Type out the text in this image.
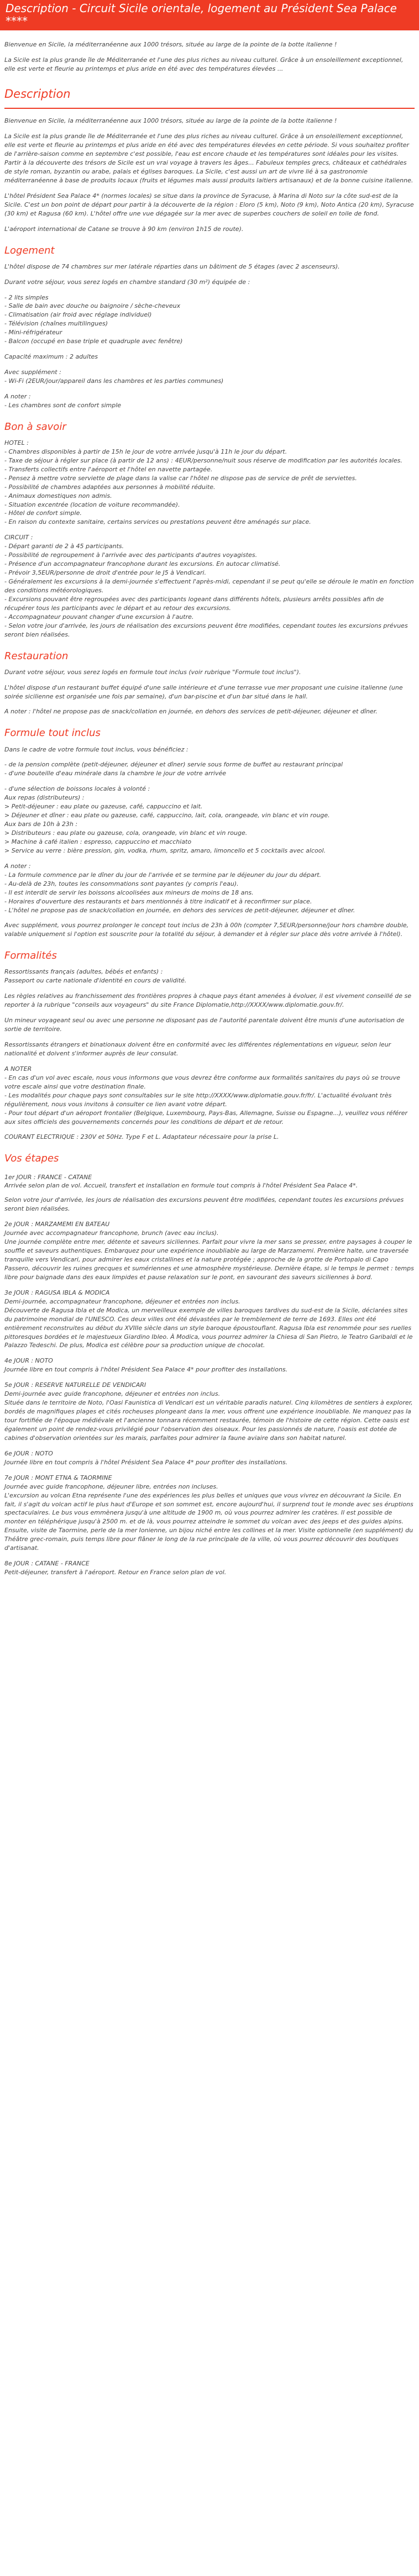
Description - Circuit Sicile orientale, logement au Président Sea Palace ****

Bienvenue en Sicile, la méditerranéenne aux 1000 trésors, située au large de la pointe de la botte italienne !

La Sicile est la plus grande île de Méditerranée et l'une des plus riches au niveau culturel. Grâce à un ensoleillement exceptionnel, elle est verte et fleurie au printemps et plus aride en été avec des températures élevées ...

Description

Bienvenue en Sicile, la méditerranéenne aux 1000 trésors, située au large de la pointe de la botte italienne !

La Sicile est la plus grande île de Méditerranée et l'une des plus riches au niveau culturel. Grâce à un ensoleillement exceptionnel, elle est verte et fleurie au printemps et plus aride en été avec des températures élevées en cette période. Si vous souhaitez profiter de l'arrière-saison comme en septembre c'est possible, l'eau est encore chaude et les températures sont idéales pour les visites. Partir à la découverte des trésors de Sicile est un vrai voyage à travers les âges... Fabuleux temples grecs, châteaux et cathédrales de style roman, byzantin ou arabe, palais et églises baroques. La Sicile, c'est aussi un art de vivre lié à sa gastronomie méditerranéenne à base de produits locaux (fruits et légumes mais aussi produits laitiers artisanaux) et de la bonne cuisine italienne.

L'hôtel Président Sea Palace 4* (normes locales) se situe dans la province de Syracuse, à Marina di Noto sur la côte sud-est de la Sicile. C'est un bon point de départ pour partir à la découverte de la région : Eloro (5 km), Noto (9 km), Noto Antica (20 km), Syracuse (30 km) et Ragusa (60 km). L'hôtel offre une vue dégagée sur la mer avec de superbes couchers de soleil en toile de fond.

L'aéroport international de Catane se trouve à 90 km (environ 1h15 de route).

Logement

L'hôtel dispose de 74 chambres sur mer latérale réparties dans un bâtiment de 5 étages (avec 2 ascenseurs).

Durant votre séjour, vous serez logés en chambre standard (30 m²) équipée de :

- 2 lits simples
- Salle de bain avec douche ou baignoire / sèche-cheveux
- Climatisation (air froid avec réglage individuel)
- Télévision (chaînes multilingues)
- Mini-réfrigérateur
- Balcon (occupé en base triple et quadruple avec fenêtre)

Capacité maximum : 2 adultes

Avec supplément :
- Wi-Fi (2EUR/jour/appareil dans les chambres et les parties communes)

A noter :
- Les chambres sont de confort simple

Bon à savoir

HOTEL :
- Chambres disponibles à partir de 15h le jour de votre arrivée jusqu'à 11h le jour du départ.
- Taxe de séjour à régler sur place (à partir de 12 ans) : 4EUR/personne/nuit sous réserve de modification par les autorités locales.
- Transferts collectifs entre l'aéroport et l'hôtel en navette partagée.
- Pensez à mettre votre serviette de plage dans la valise car l'hôtel ne dispose pas de service de prêt de serviettes.
- Possibilité de chambres adaptées aux personnes à mobilité réduite.
- Animaux domestiques non admis.
- Situation excentrée (location de voiture recommandée).
- Hôtel de confort simple.
- En raison du contexte sanitaire, certains services ou prestations peuvent être aménagés sur place.

CIRCUIT :
- Départ garanti de 2 à 45 participants.
- Possibilité de regroupement à l'arrivée avec des participants d'autres voyagistes.
- Présence d'un accompagnateur francophone durant les excursions. En autocar climatisé.
- Prévoir 3,5EUR/personne de droit d'entrée pour le J5 à Vendicari.
- Généralement les excursions à la demi-journée s'effectuent l'après-midi, cependant il se peut qu'elle se déroule le matin en fonction des conditions météorologiques.
- Excursions pouvant être regroupées avec des participants logeant dans différents hôtels, plusieurs arrêts possibles afin de récupérer tous les participants avec le départ et au retour des excursions.
- Accompagnateur pouvant changer d'une excursion à l'autre.
- Selon votre jour d'arrivée, les jours de réalisation des excursions peuvent être modifiées, cependant toutes les excursions prévues seront bien réalisées.

Restauration

Durant votre séjour, vous serez logés en formule tout inclus (voir rubrique "Formule tout inclus").

L'hôtel dispose d'un restaurant buffet équipé d'une salle intérieure et d'une terrasse vue mer proposant une cuisine italienne (une soirée sicilienne est organisée une fois par semaine), d'un bar-piscine et d'un bar situé dans le hall.

A noter : l'hôtel ne propose pas de snack/collation en journée, en dehors des services de petit-déjeuner, déjeuner et dîner.

Formule tout inclus

Dans le cadre de votre formule tout inclus, vous bénéficiez :

- de la pension complète (petit-déjeuner, déjeuner et dîner) servie sous forme de buffet au restaurant principal
- d'une bouteille d'eau minérale dans la chambre le jour de votre arrivée

- d'une sélection de boissons locales à volonté :
Aux repas (distributeurs) :
> Petit-déjeuner : eau plate ou gazeuse, café, cappuccino et lait.
> Déjeuner et dîner : eau plate ou gazeuse, café, cappuccino, lait, cola, orangeade, vin blanc et vin rouge.
Aux bars de 10h à 23h :
> Distributeurs : eau plate ou gazeuse, cola, orangeade, vin blanc et vin rouge.
> Machine à café italien : espresso, cappuccino et macchiato
> Service au verre : bière pression, gin, vodka, rhum, spritz, amaro, limoncello et 5 cocktails avec alcool.

A noter :
- La formule commence par le dîner du jour de l'arrivée et se termine par le déjeuner du jour du départ.
- Au-delà de 23h, toutes les consommations sont payantes (y compris l'eau).
- Il est interdit de servir les boissons alcoolisées aux mineurs de moins de 18 ans.
- Horaires d'ouverture des restaurants et bars mentionnés à titre indicatif et à reconfirmer sur place.
- L'hôtel ne propose pas de snack/collation en journée, en dehors des services de petit-déjeuner, déjeuner et dîner.

Avec supplément, vous pourrez prolonger le concept tout inclus de 23h à 00h (compter 7,5EUR/personne/jour hors chambre double, valable uniquement si l'option est souscrite pour la totalité du séjour, à demander et à régler sur place dès votre arrivée à l'hôtel).

Formalités

Ressortissants français (adultes, bébés et enfants) :
Passeport ou carte nationale d'identité en cours de validité.

Les règles relatives au franchissement des frontières propres à chaque pays étant amenées à évoluer, il est vivement conseillé de se reporter à la rubrique "conseils aux voyageurs" du site France Diplomatie,http://XXXX/www.diplomatie.gouv.fr/.

Un mineur voyageant seul ou avec une personne ne disposant pas de l'autorité parentale doivent être munis d'une autorisation de sortie de territoire.

Ressortissants étrangers et binationaux doivent être en conformité avec les différentes réglementations en vigueur, selon leur nationalité et doivent s'informer auprès de leur consulat.

A NOTER
- En cas d'un vol avec escale, nous vous informons que vous devrez être conforme aux formalités sanitaires du pays où se trouve votre escale ainsi que votre destination finale.
- Les modalités pour chaque pays sont consultables sur le site http://XXXX/www.diplomatie.gouv.fr/fr/. L'actualité évoluant très régulièrement, nous vous invitons à consulter ce lien avant votre départ.
- Pour tout départ d'un aéroport frontalier (Belgique, Luxembourg, Pays-Bas, Allemagne, Suisse ou Espagne...), veuillez vous référer aux sites officiels des gouvernements concernés pour les conditions de départ et de retour.

COURANT ELECTRIQUE : 230V et 50Hz. Type F et L. Adaptateur nécessaire pour la prise L.

Vos étapes
1er JOUR : FRANCE - CATANE

Arrivée selon plan de vol. Accueil, transfert et installation en formule tout compris à l'hôtel Président Sea Palace 4*.

Selon votre jour d'arrivée, les jours de réalisation des excursions peuvent être modifiées, cependant toutes les excursions prévues seront bien réalisées.

2e JOUR : MARZAMEMI EN BATEAU

Journée avec accompagnateur francophone, brunch (avec eau inclus).
Une journée complète entre mer, détente et saveurs siciliennes. Parfait pour vivre la mer sans se presser, entre paysages à couper le souffle et saveurs authentiques. Embarquez pour une expérience inoubliable au large de Marzamemi. Première halte, une traversée tranquille vers Vendicari, pour admirer les eaux cristallines et la nature protégée ; approche de la grotte de Portopalo di Capo Passero, découvrir les ruines grecques et sumériennes et une atmosphère mystérieuse. Dernière étape, si le temps le permet : temps libre pour baignade dans des eaux limpides et pause relaxation sur le pont, en savourant des saveurs siciliennes à bord.

3e JOUR : RAGUSA IBLA & MODICA

Demi-journée, accompagnateur francophone, déjeuner et entrées non inclus.
Découverte de Ragusa Ibla et de Modica, un merveilleux exemple de villes baroques tardives du sud-est de la Sicile, déclarées sites du patrimoine mondial de l'UNESCO. Ces deux villes ont été dévastées par le tremblement de terre de 1693. Elles ont été entièrement reconstruites au début du XVIIIe siècle dans un style baroque époustouflant. Ragusa Ibla est renommée pour ses ruelles pittoresques bordées et le majestueux Giardino Ibleo. À Modica, vous pourrez admirer la Chiesa di San Pietro, le Teatro Garibaldi et le Palazzo Tedeschi. De plus, Modica est célèbre pour sa production unique de chocolat.

4e JOUR : NOTO

Journée libre en tout compris à l'hôtel Président Sea Palace 4* pour profiter des installations.

5e JOUR : RESERVE NATURELLE DE VENDICARI

Demi-journée avec guide francophone, déjeuner et entrées non inclus.
Située dans le territoire de Noto, l'Oasi Faunistica di Vendicari est un véritable paradis naturel. Cinq kilomètres de sentiers à explorer, bordés de magnifiques plages et cités rocheuses plongeant dans la mer, vous offrent une expérience inoubliable. Ne manquez pas la tour fortifiée de l'époque médiévale et l'ancienne tonnara récemment restaurée, témoin de l'histoire de cette région. Cette oasis est également un point de rendez-vous privilégié pour l'observation des oiseaux. Pour les passionnés de nature, l'oasis est dotée de cabines d'observation orientées sur les marais, parfaites pour admirer la faune aviaire dans son habitat naturel.

6e JOUR : NOTO

Journée libre en tout compris à l'hôtel Président Sea Palace 4* pour profiter des installations.

7e JOUR : MONT ETNA & TAORMINE

Journée avec guide francophone, déjeuner libre, entrées non incluses.
L'excursion au volcan Etna représente l'une des expériences les plus belles et uniques que vous vivrez en découvrant la Sicile. En fait, il s'agit du volcan actif le plus haut d'Europe et son sommet est, encore aujourd'hui, il surprend tout le monde avec ses éruptions spectaculaires. Le bus vous emmènera jusqu'à une altitude de 1900 m, où vous pourrez admirer les cratères. Il est possible de monter en téléphérique jusqu'à 2500 m. et de là, vous pourrez atteindre le sommet du volcan avec des jeeps et des guides alpins. Ensuite, visite de Taormine, perle de la mer Ionienne, un bijou niché entre les collines et la mer. Visite optionnelle (en supplément) du Théâtre grec-romain, puis temps libre pour flâner le long de la rue principale de la ville, où vous pourrez découvrir des boutiques d'artisanat.

8e JOUR : CATANE - FRANCE

Petit-déjeuner, transfert à l'aéroport. Retour en France selon plan de vol.
